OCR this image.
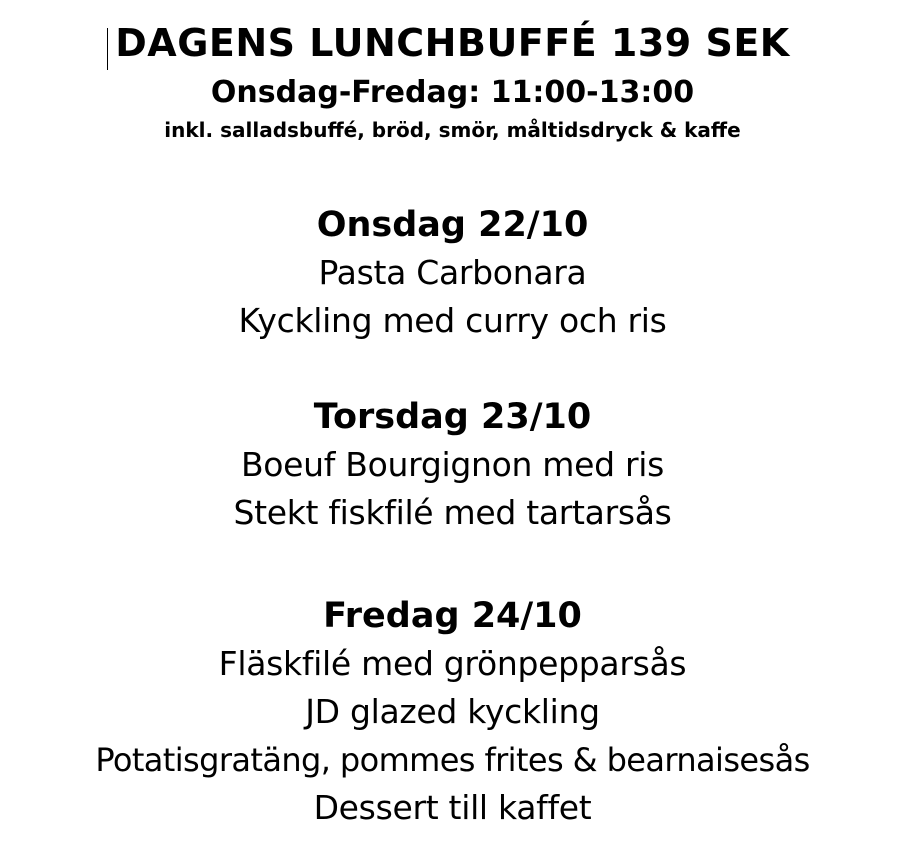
DAGENS LUNCHBUFFÉ 139 SEK
Onsdag-Fredag: 11:00-13:00
inkl. salladsbuffé, bröd, smör, måltidsdryck & kaffe
Onsdag 22/10
Pasta Carbonara
Kyckling med curry och ris
Torsdag 23/10
Boeuf Bourgignon med ris
Stekt fiskfilé med tartarsås
Fredag 24/10
Fläskfilé med grönpepparsås
JD glazed kyckling
Potatisgratäng, pommes frites & bearnaisesås
Dessert till kaffet
